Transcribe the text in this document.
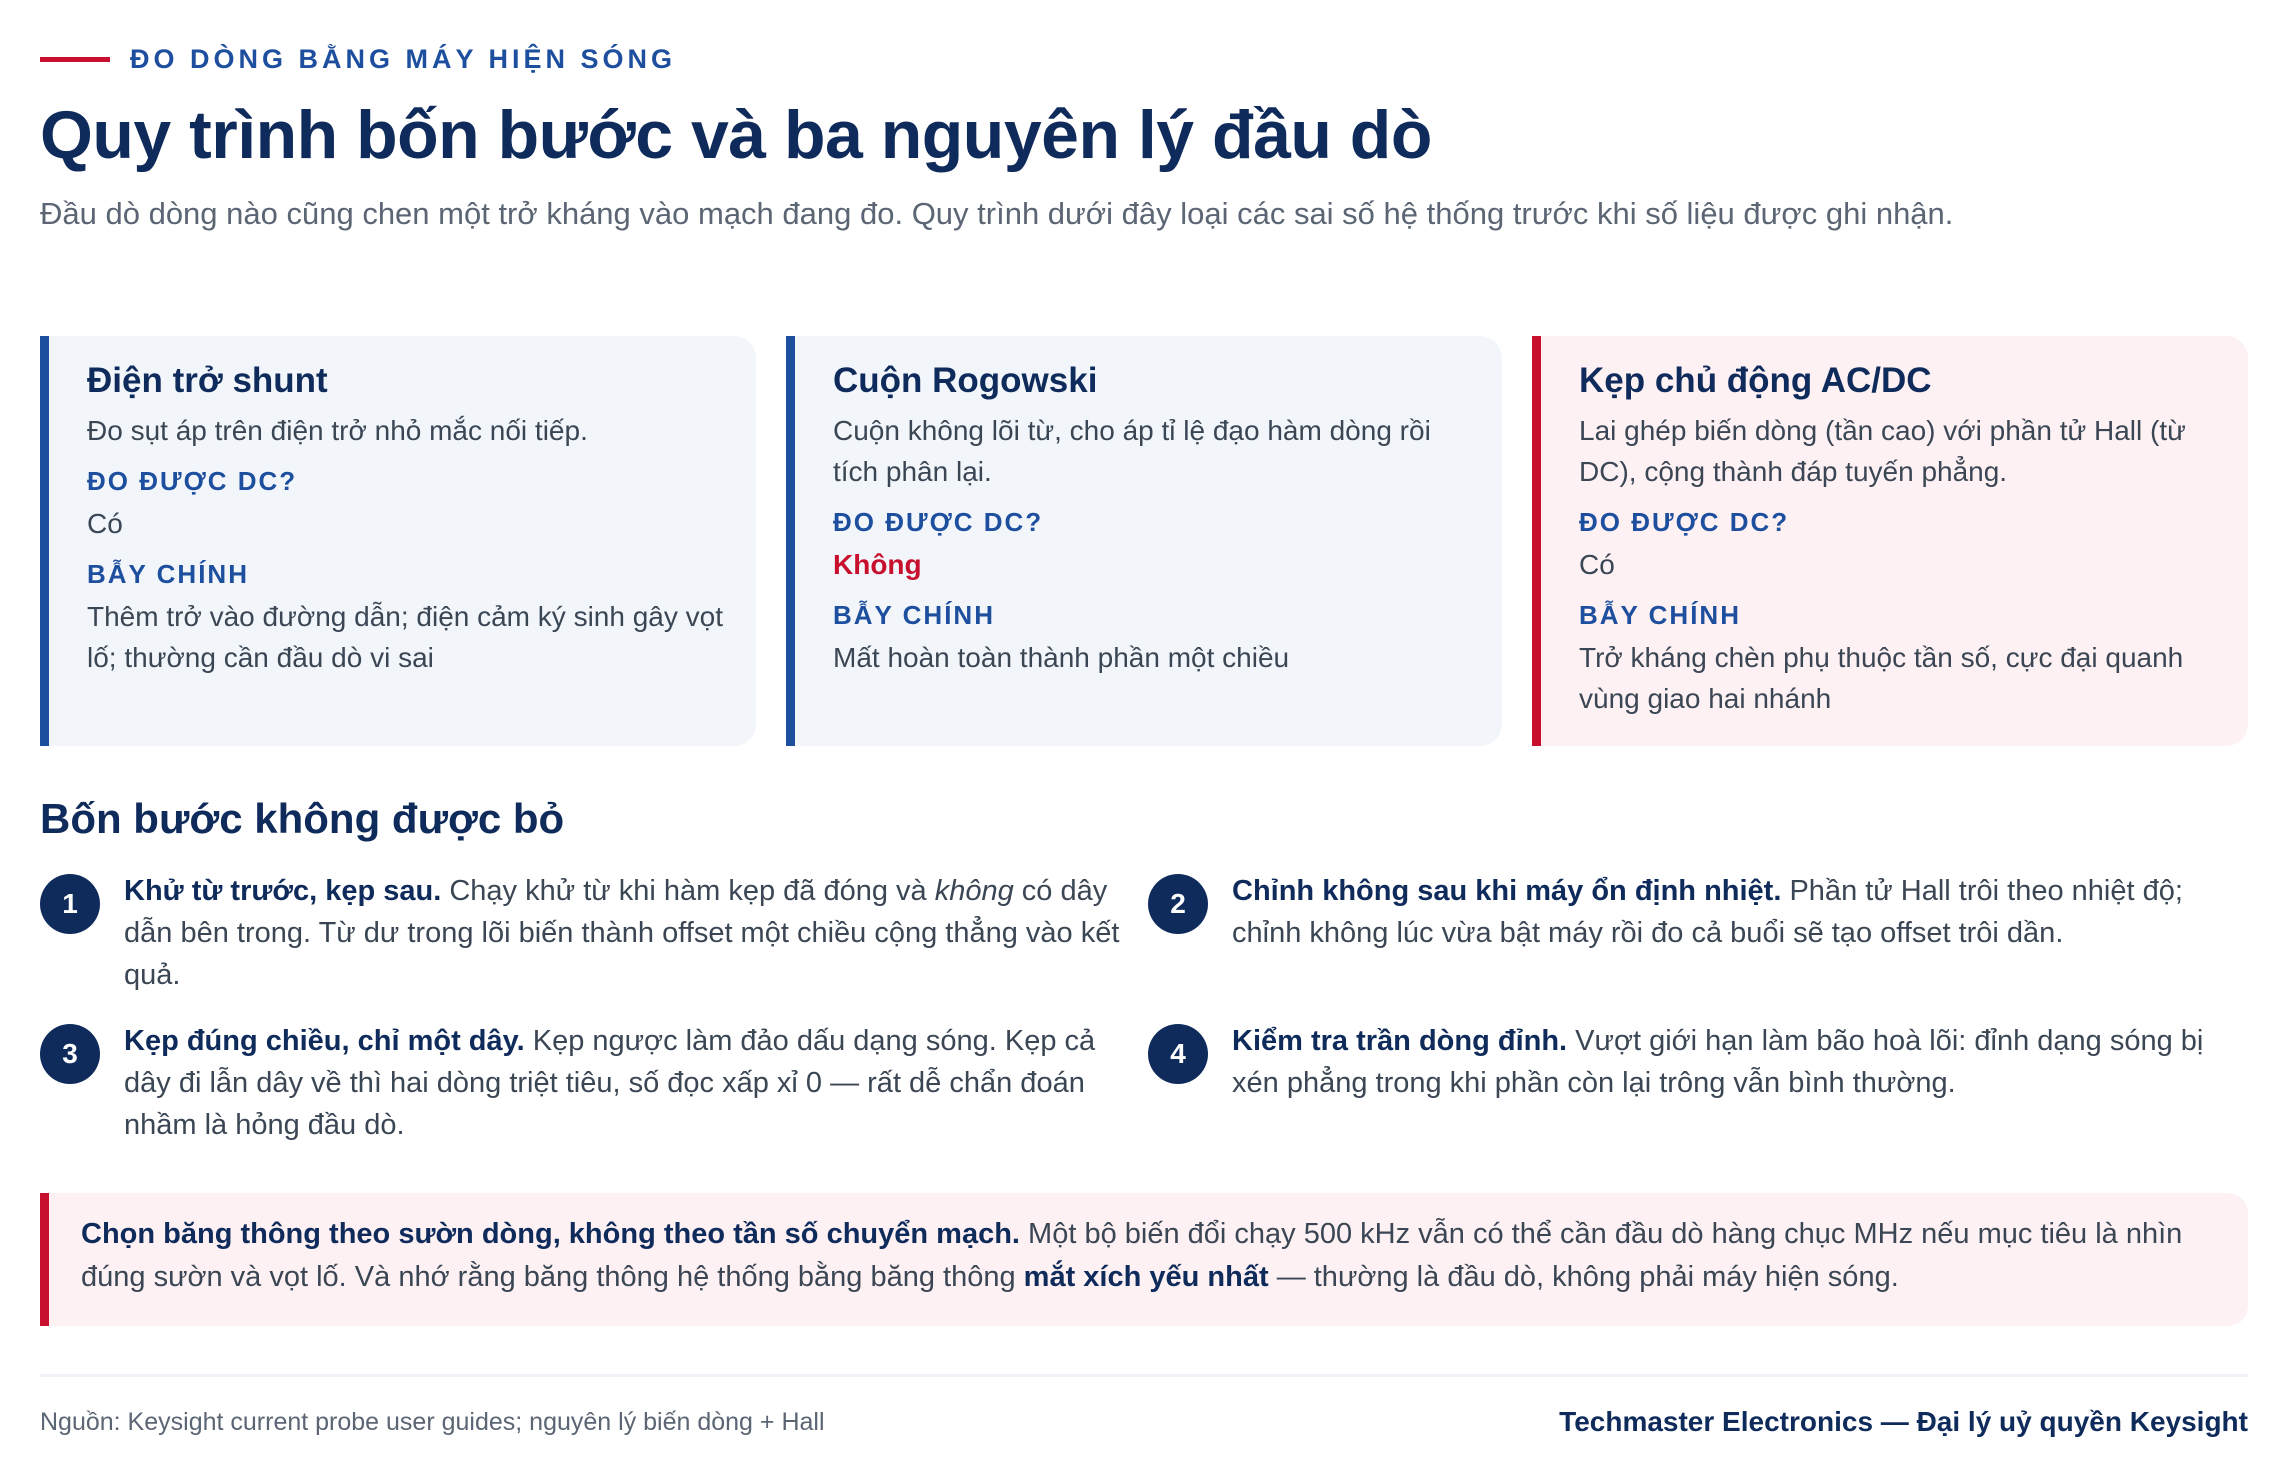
ĐO DÒNG BẰNG MÁY HIỆN SÓNG
Quy trình bốn bước và ba nguyên lý đầu dò

Đầu dò dòng nào cũng chen một trở kháng vào mạch đang đo. Quy trình dưới đây loại các sai số hệ thống trước khi số liệu được ghi nhận.

Điện trở shunt
Đo sụt áp trên điện trở nhỏ mắc nối tiếp.
ĐO ĐƯỢC DC?
Có
BẪY CHÍNH
Thêm trở vào đường dẫn; điện cảm ký sinh gây vọt lố; thường cần đầu dò vi sai
Cuộn Rogowski
Cuộn không lõi từ, cho áp tỉ lệ đạo hàm dòng rồi tích phân lại.
ĐO ĐƯỢC DC?
Không
BẪY CHÍNH
Mất hoàn toàn thành phần một chiều
Kẹp chủ động AC/DC
Lai ghép biến dòng (tần cao) với phần tử Hall (từ DC), cộng thành đáp tuyến phẳng.
ĐO ĐƯỢC DC?
Có
BẪY CHÍNH
Trở kháng chèn phụ thuộc tần số, cực đại quanh vùng giao hai nhánh
Bốn bước không được bỏ
1	Khử từ trước, kẹp sau. Chạy khử từ khi hàm kẹp đã đóng và không có dây dẫn bên trong. Từ dư trong lõi biến thành offset một chiều cộng thẳng vào kết quả.
2	Chỉnh không sau khi máy ổn định nhiệt. Phần tử Hall trôi theo nhiệt độ; chỉnh không lúc vừa bật máy rồi đo cả buổi sẽ tạo offset trôi dần.
3	Kẹp đúng chiều, chỉ một dây. Kẹp ngược làm đảo dấu dạng sóng. Kẹp cả dây đi lẫn dây về thì hai dòng triệt tiêu, số đọc xấp xỉ 0 — rất dễ chẩn đoán nhầm là hỏng đầu dò.
4	Kiểm tra trần dòng đỉnh. Vượt giới hạn làm bão hoà lõi: đỉnh dạng sóng bị xén phẳng trong khi phần còn lại trông vẫn bình thường.
Chọn băng thông theo sườn dòng, không theo tần số chuyển mạch. Một bộ biến đổi chạy 500 kHz vẫn có thể cần đầu dò hàng chục MHz nếu mục tiêu là nhìn đúng sườn và vọt lố. Và nhớ rằng băng thông hệ thống bằng băng thông mắt xích yếu nhất — thường là đầu dò, không phải máy hiện sóng.
Nguồn: Keysight current probe user guides; nguyên lý biến dòng + Hall	Techmaster Electronics — Đại lý uỷ quyền Keysight
